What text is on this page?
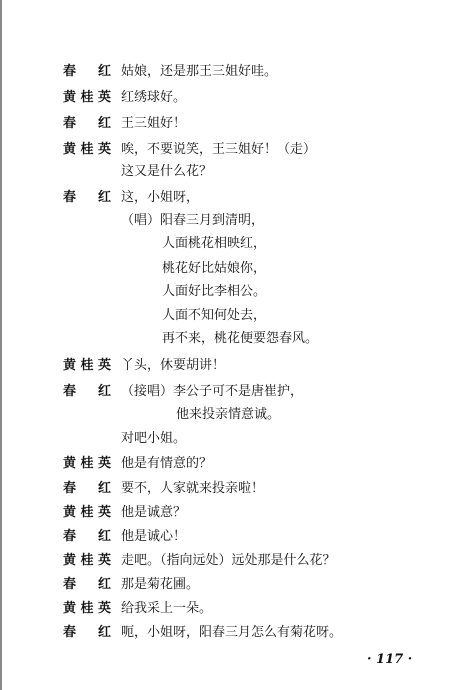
春 红 姑娘，还是那王三姐好哇。
黄桂英 红绣球好。
春 红 王三姐好！
黄桂英 唉，不要说笑，王三姐好！（走）
这又是什么花？
春 红 这，小姐呀，
（唱）阳春三月到清明，
人面桃花相映红，
桃花好比姑娘你，
人面好比李相公。
人面不知何处去，
再不来，桃花便要怨春风。
黄桂英 丫头，休要胡讲！
春 红 （接唱）李公子可不是唐崔护，
他来投亲情意诚。
对吧小姐。
黄桂英 他是有情意的？
春 红 要不，人家就来投亲啦！
黄桂英 他是诚意？
春 红 他是诚心！
黄桂英 走吧。（指向远处）远处那是什么花？
春 红 那是菊花圃。
黄桂英 给我采上一朵。
春 红 呃，小姐呀，阳春三月怎么有菊花呀。
· 117 ·
